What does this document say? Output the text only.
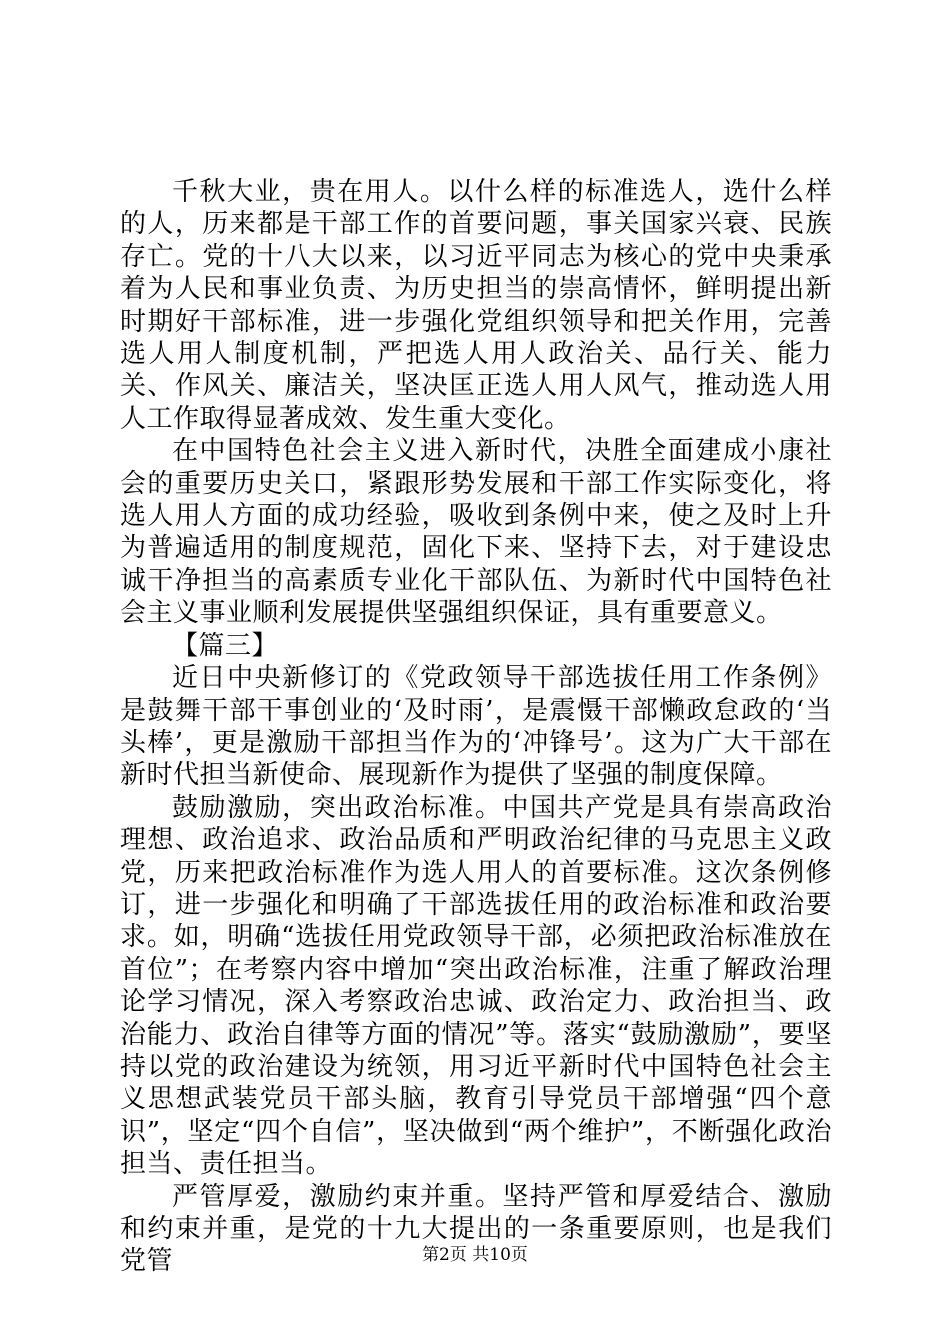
千秋大业，贵在用人。以什么样的标准选人，选什么样的人，历来都是干部工作的首要问题，事关国家兴衰、民族存亡。党的十八大以来，以习近平同志为核心的党中央秉承着为人民和事业负责、为历史担当的崇高情怀，鲜明提出新时期好干部标准，进一步强化党组织领导和把关作用，完善选人用人制度机制，严把选人用人政治关、品行关、能力关、作风关、廉洁关，坚决匡正选人用人风气，推动选人用人工作取得显著成效、发生重大变化。

在中国特色社会主义进入新时代，决胜全面建成小康社会的重要历史关口，紧跟形势发展和干部工作实际变化，将选人用人方面的成功经验，吸收到条例中来，使之及时上升为普遍适用的制度规范，固化下来、坚持下去，对于建设忠诚干净担当的高素质专业化干部队伍、为新时代中国特色社会主义事业顺利发展提供坚强组织保证，具有重要意义。

【篇三】

近日中央新修订的《党政领导干部选拔任用工作条例》是鼓舞干部干事创业的‘及时雨’，是震慑干部懒政怠政的‘当头棒’，更是激励干部担当作为的‘冲锋号’。这为广大干部在新时代担当新使命、展现新作为提供了坚强的制度保障。

鼓励激励，突出政治标准。中国共产党是具有崇高政治理想、政治追求、政治品质和严明政治纪律的马克思主义政党，历来把政治标准作为选人用人的首要标准。这次条例修订，进一步强化和明确了干部选拔任用的政治标准和政治要求。如，明确“选拔任用党政领导干部，必须把政治标准放在首位”；在考察内容中增加“突出政治标准，注重了解政治理论学习情况，深入考察政治忠诚、政治定力、政治担当、政治能力、政治自律等方面的情况”等。落实“鼓励激励”，要坚持以党的政治建设为统领，用习近平新时代中国特色社会主义思想武装党员干部头脑，教育引导党员干部增强“四个意识”，坚定“四个自信”，坚决做到“两个维护”，不断强化政治担当、责任担当。

严管厚爱，激励约束并重。坚持严管和厚爱结合、激励和约束并重，是党的十九大提出的一条重要原则，也是我们党管	第2页 共10页
